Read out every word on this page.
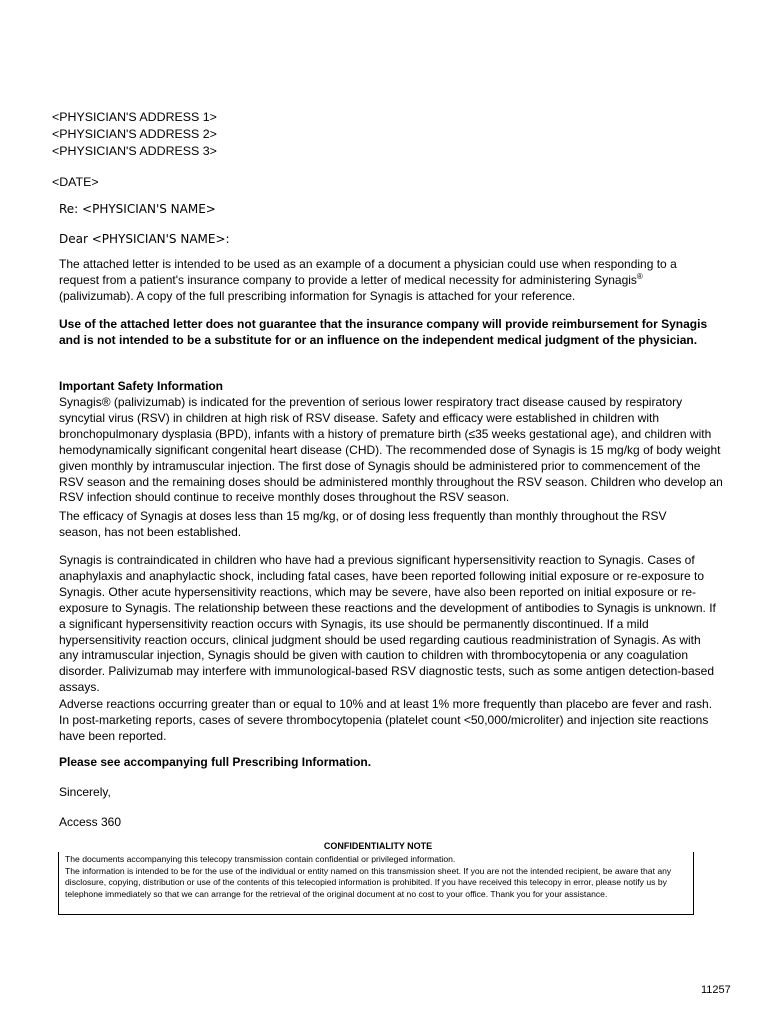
<PHYSICIAN'S ADDRESS 1>
<PHYSICIAN'S ADDRESS 2>
<PHYSICIAN'S ADDRESS 3>
<DATE>
Re: <PHYSICIAN'S NAME>
Dear <PHYSICIAN'S NAME>:
The attached letter is intended to be used as an example of a document a physician could use when responding to a request from a patient's insurance company to provide a letter of medical necessity for administering Synagis® (palivizumab). A copy of the full prescribing information for Synagis is attached for your reference.
Use of the attached letter does not guarantee that the insurance company will provide reimbursement for Synagis and is not intended to be a substitute for or an influence on the independent medical judgment of the physician.
Important Safety Information
Synagis® (palivizumab) is indicated for the prevention of serious lower respiratory tract disease caused by respiratory syncytial virus (RSV) in children at high risk of RSV disease. Safety and efficacy were established in children with bronchopulmonary dysplasia (BPD), infants with a history of premature birth (≤35 weeks gestational age), and children with hemodynamically significant congenital heart disease (CHD). The recommended dose of Synagis is 15 mg/kg of body weight given monthly by intramuscular injection. The first dose of Synagis should be administered prior to commencement of the RSV season and the remaining doses should be administered monthly throughout the RSV season. Children who develop an RSV infection should continue to receive monthly doses throughout the RSV season.
The efficacy of Synagis at doses less than 15 mg/kg, or of dosing less frequently than monthly throughout the RSV season, has not been established.
Synagis is contraindicated in children who have had a previous significant hypersensitivity reaction to Synagis. Cases of anaphylaxis and anaphylactic shock, including fatal cases, have been reported following initial exposure or re-exposure to Synagis. Other acute hypersensitivity reactions, which may be severe, have also been reported on initial exposure or re-exposure to Synagis. The relationship between these reactions and the development of antibodies to Synagis is unknown. If a significant hypersensitivity reaction occurs with Synagis, its use should be permanently discontinued. If a mild hypersensitivity reaction occurs, clinical judgment should be used regarding cautious readministration of Synagis. As with any intramuscular injection, Synagis should be given with caution to children with thrombocytopenia or any coagulation disorder. Palivizumab may interfere with immunological-based RSV diagnostic tests, such as some antigen detection-based assays.
Adverse reactions occurring greater than or equal to 10% and at least 1% more frequently than placebo are fever and rash. In post-marketing reports, cases of severe thrombocytopenia (platelet count <50,000/microliter) and injection site reactions have been reported.
Please see accompanying full Prescribing Information.
Sincerely,
Access 360
CONFIDENTIALITY NOTE
The documents accompanying this telecopy transmission contain confidential or privileged information.
The information is intended to be for the use of the individual or entity named on this transmission sheet. If you are not the intended recipient, be aware that any disclosure, copying, distribution or use of the contents of this telecopied information is prohibited. If you have received this telecopy in error, please notify us by telephone immediately so that we can arrange for the retrieval of the original document at no cost to your office. Thank you for your assistance.
11257
